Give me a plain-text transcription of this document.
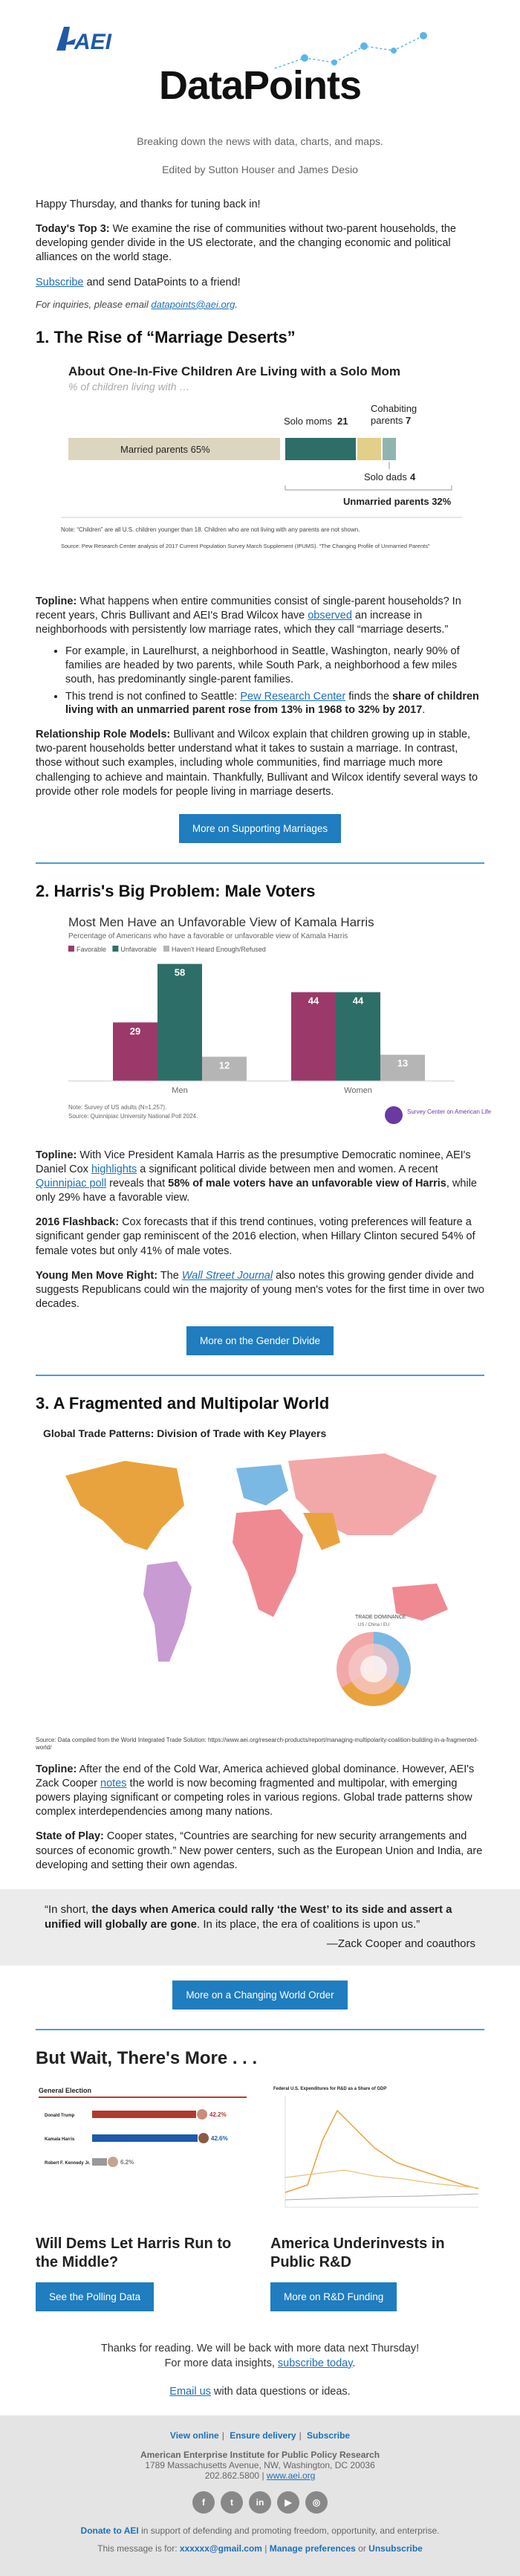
AEI
DataPoints
Breaking down the news with data, charts, and maps.
Edited by Sutton Houser and James Desio

Happy Thursday, and thanks for tuning back in!

Today's Top 3: We examine the rise of communities without two-parent households, the developing gender divide in the US electorate, and the changing economic and political alliances on the world stage.

Subscribe and send DataPoints to a friend!

For inquiries, please email datapoints@aei.org.

1. The Rise of “Marriage Deserts”
About One-In-Five Children Are Living with a Solo Mom
% of children living with …
Married parents 65%
Solo moms 21
Cohabiting
parents 7
Solo dads 4
Unmarried parents 32%
Note: “Children” are all U.S. children younger than 18. Children who are not living with any parents are not shown.
Source: Pew Research Center analysis of 2017 Current Population Survey March Supplement (IPUMS). “The Changing Profile of Unmarried Parents”

Topline: What happens when entire communities consist of single-parent households? In recent years, Chris Bullivant and AEI's Brad Wilcox have observed an increase in neighborhoods with persistently low marriage rates, which they call “marriage deserts.”

• For example, in Laurelhurst, a neighborhood in Seattle, Washington, nearly 90% of families are headed by two parents, while South Park, a neighborhood a few miles south, has predominantly single-parent families.
• This trend is not confined to Seattle: Pew Research Center finds the share of children living with an unmarried parent rose from 13% in 1968 to 32% by 2017.

Relationship Role Models: Bullivant and Wilcox explain that children growing up in stable, two-parent households better understand what it takes to sustain a marriage. In contrast, those without such examples, including whole communities, find marriage much more challenging to achieve and maintain. Thankfully, Bullivant and Wilcox identify several ways to provide other role models for people living in marriage deserts.

More on Supporting Marriages
2. Harris's Big Problem: Male Voters
Most Men Have an Unfavorable View of Kamala Harris
Percentage of Americans who have a favorable or unfavorable view of Kamala Harris
Favorable Unfavorable Haven't Heard Enough/Refused
29
58
12
Men
44	44
13
Women
Note: Survey of US adults (N=1,257).
Source: Quinnipiac University National Poll 2024.
Survey Center on American Life

Topline: With Vice President Kamala Harris as the presumptive Democratic nominee, AEI's Daniel Cox highlights a significant political divide between men and women. A recent Quinnipiac poll reveals that 58% of male voters have an unfavorable view of Harris, while only 29% have a favorable view.

2016 Flashback: Cox forecasts that if this trend continues, voting preferences will feature a significant gender gap reminiscent of the 2016 election, when Hillary Clinton secured 54% of female votes but only 41% of male votes.

Young Men Move Right: The Wall Street Journal also notes this growing gender divide and suggests Republicans could win the majority of young men's votes for the first time in over two decades.

More on the Gender Divide
3. A Fragmented and Multipolar World
Global Trade Patterns: Division of Trade with Key Players
TRADE DOMINANCE
US / China / EU

Source: Data compiled from the World Integrated Trade Solution: https://www.aei.org/research-products/report/managing-multipolarity-coalition-building-in-a-fragmented-world/

Topline: After the end of the Cold War, America achieved global dominance. However, AEI's Zack Cooper notes the world is now becoming fragmented and multipolar, with emerging powers playing significant or competing roles in various regions. Global trade patterns show complex interdependencies among many nations.

State of Play: Cooper states, “Countries are searching for new security arrangements and sources of economic growth.” New power centers, such as the European Union and India, are developing and setting their own agendas.

“In short, the days when America could rally ‘the West’ to its side and assert a unified will globally are gone. In its place, the era of coalitions is upon us.”
—Zack Cooper and coauthors
More on a Changing World Order
But Wait, There's More . . .
General Election
Donald Trump	42.2%
Kamala Harris	42.6%
Robert F. Kennedy Jr.	6.2%
Will Dems Let Harris Run to the Middle?
See the Polling Data
Federal U.S. Expenditures for R&D as a Share of GDP
America Underinvests in Public R&D
More on R&D Funding
Thanks for reading. We will be back with more data next Thursday!
For more data insights, subscribe today.
Email us with data questions or ideas.
View online | Ensure delivery | Subscribe
American Enterprise Institute for Public Policy Research
1789 Massachusetts Avenue, NW, Washington, DC 20036
202.862.5800 | www.aei.org
f	t	in	▶	◎
Donate to AEI in support of defending and promoting freedom, opportunity, and enterprise.
This message is for: xxxxxx@gmail.com | Manage preferences or Unsubscribe
